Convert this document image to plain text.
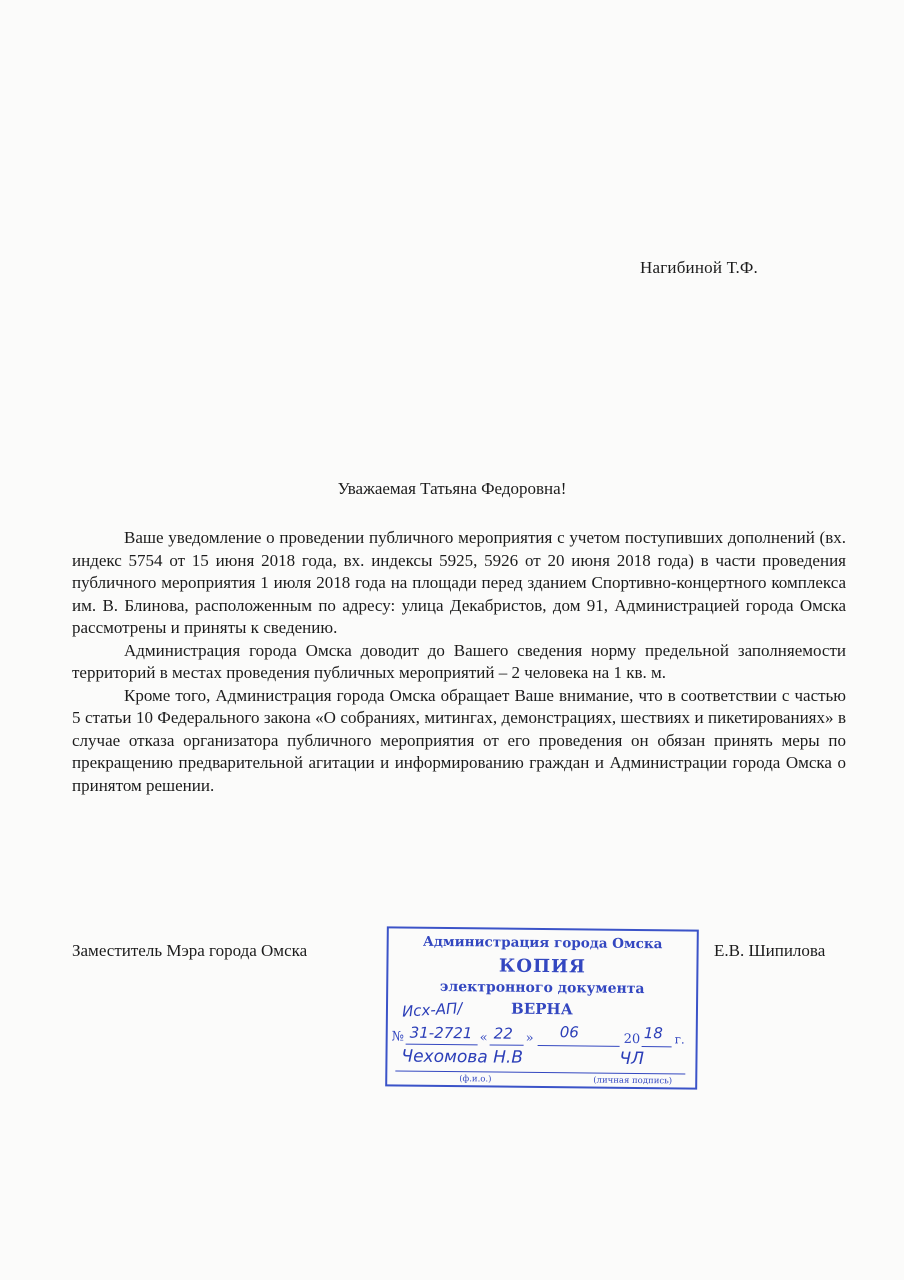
Нагибиной Т.Ф.
Уважаемая Татьяна Федоровна!

Ваше уведомление о проведении публичного мероприятия с учетом поступивших дополнений (вх. индекс 5754 от 15 июня 2018 года, вх. индексы 5925, 5926 от 20 июня 2018 года) в части проведения публичного мероприятия 1 июля 2018 года на площади перед зданием Спортивно-концертного комплекса им. В. Блинова, расположенным по адресу: улица Декабристов, дом 91, Администрацией города Омска рассмотрены и приняты к сведению.

Администрация города Омска доводит до Вашего сведения норму предельной заполняемости территорий в местах проведения публичных мероприятий – 2 человека на 1 кв. м.

Кроме того, Администрация города Омска обращает Ваше внимание, что в соответствии с частью 5 статьи 10 Федерального закона «О собраниях, митингах, демонстрациях, шествиях и пикетированиях» в случае отказа организатора публичного мероприятия от его проведения он обязан принять меры по прекращению предварительной агитации и информированию граждан и Администрации города Омска о принятом решении.

Заместитель Мэра города Омска	Е.В. Шипилова
Администрация города Омска
КОПИЯ
электронного документа
ВЕРНА
Исх-АП/
№ 31-2721 « 22 » 06	20 18 г.
Чехомова Н.В	ЧЛ
(ф.и.о.)	(личная подпись)
